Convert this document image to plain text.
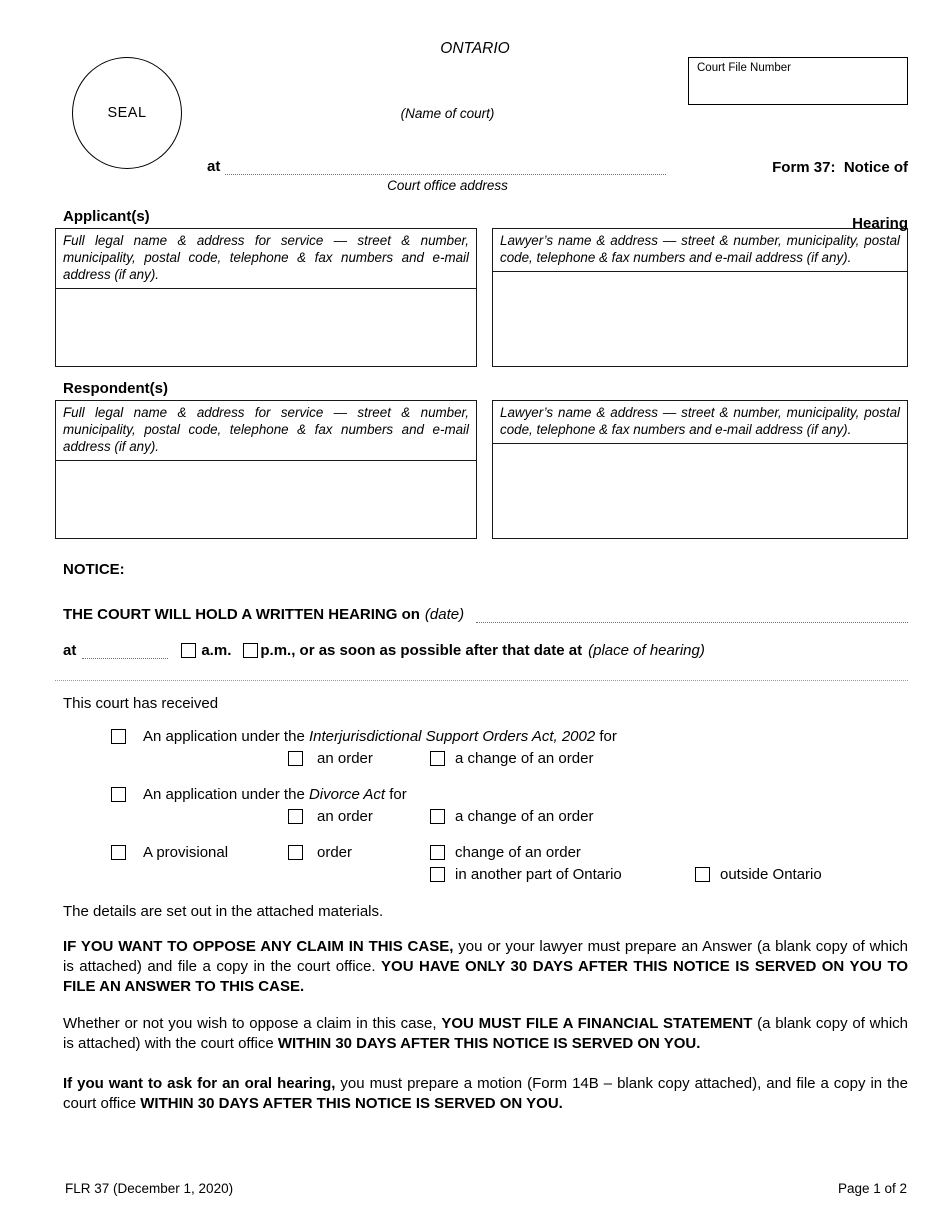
ONTARIO
SEAL
Court File Number
(Name of court)

Form 37:  Notice of

Hearing

at
Court office address
Applicant(s)
Full legal name & address for service — street & number, municipality, postal code, telephone & fax numbers and e-mail address (if any).
Lawyer’s name & address — street & number, municipality, postal code, telephone & fax numbers and e-mail address (if any).
Respondent(s)
Full legal name & address for service — street & number, municipality, postal code, telephone & fax numbers and e-mail address (if any).
Lawyer’s name & address — street & number, municipality, postal code, telephone & fax numbers and e-mail address (if any).
NOTICE:
THE COURT WILL HOLD A WRITTEN HEARING on (date)
at	a.m. p.m. , or as soon as possible after that date at (place of hearing)
This court has received
An application under the Interjurisdictional Support Orders Act, 2002 for
an order	a change of an order
An application under the Divorce Act for
an order	a change of an order
A provisional	order	change of an order
in another part of Ontario	outside Ontario
The details are set out in the attached materials.
IF YOU WANT TO OPPOSE ANY CLAIM IN THIS CASE, you or your lawyer must prepare an Answer (a blank copy of which is attached) and file a copy in the court office. YOU HAVE ONLY 30 DAYS AFTER THIS NOTICE IS SERVED ON YOU TO FILE AN ANSWER TO THIS CASE.
Whether or not you wish to oppose a claim in this case, YOU MUST FILE A FINANCIAL STATEMENT (a blank copy of which is attached) with the court office WITHIN 30 DAYS AFTER THIS NOTICE IS SERVED ON YOU.
If you want to ask for an oral hearing, you must prepare a motion (Form 14B – blank copy attached), and file a copy in the court office WITHIN 30 DAYS AFTER THIS NOTICE IS SERVED ON YOU.
FLR 37 (December 1, 2020)	Page 1 of 2
